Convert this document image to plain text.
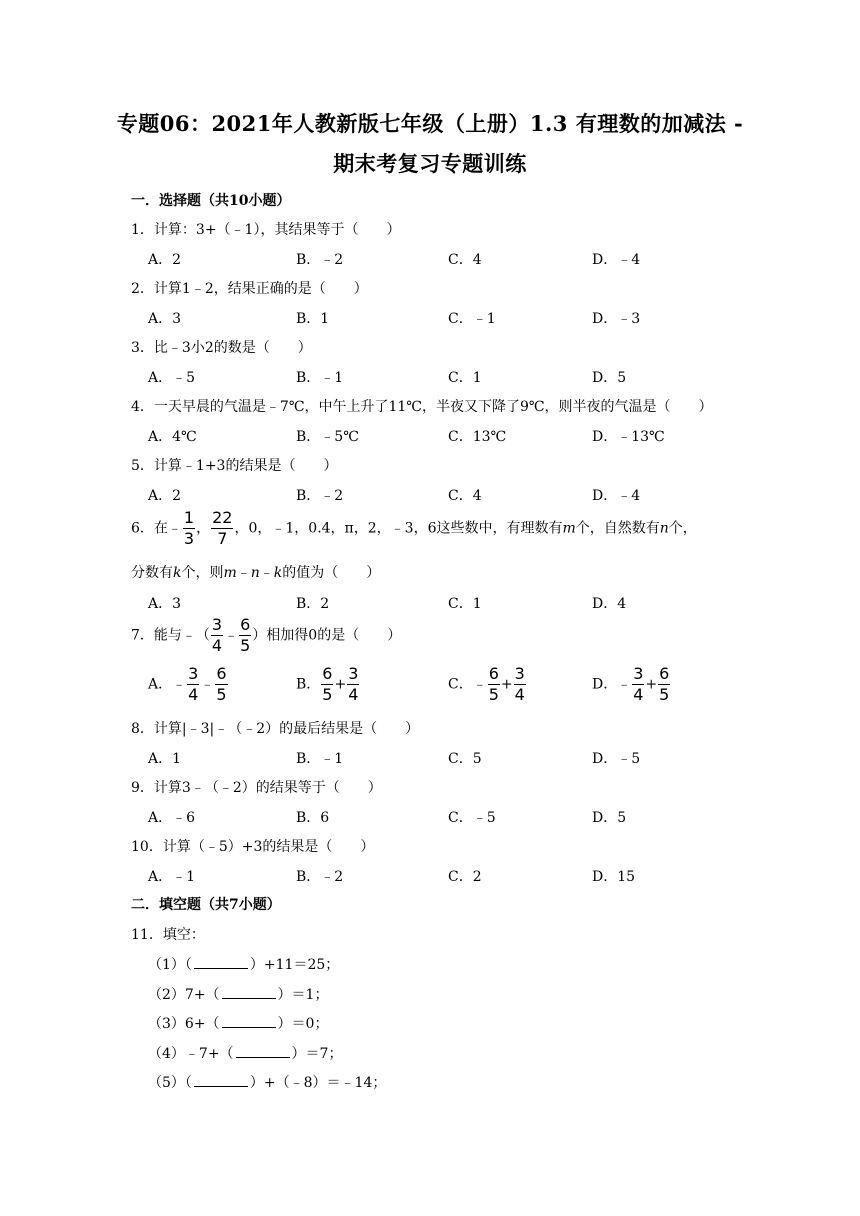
专题06：2021年人教新版七年级（上册）1.3 有理数的加减法 -
期末考复习专题训练
一．选择题（共10小题）
1．计算：3+（﹣1），其结果等于（　　）
A．2	B．﹣2	C．4	D．﹣4
2．计算1﹣2，结果正确的是（　　）
A．3	B．1	C．﹣1	D．﹣3
3．比﹣3小2的数是（　　）
A．﹣5	B．﹣1	C．1	D．5
4．一天早晨的气温是﹣7℃，中午上升了11℃，半夜又下降了9℃，则半夜的气温是（　　）
A．4℃	B．﹣5℃	C．13℃	D．﹣13℃
5．计算﹣1+3的结果是（　　）
A．2	B．﹣2	C．4	D．﹣4
6．在﹣ $\frac{1}{3}$ ， $\frac{22}{7}$ ，0，﹣1，0.4，π，2，﹣3，6这些数中，有理数有m个，自然数有n个，
分数有k个，则m﹣n﹣k的值为（　　）
A．3	B．2	C．1	D．4
7．能与﹣（ $\frac{3}{4}$ ﹣ $\frac{6}{5}$ ）相加得0的是（　　）
A．﹣ $\frac{3}{4}$ ﹣ $\frac{6}{5}$	B． $\frac{6}{5} + \frac{3}{4}$	C．﹣ $\frac{6}{5} + \frac{3}{4}$	D．﹣ $\frac{3}{4} + \frac{6}{5}$
8．计算|﹣3|﹣（﹣2）的最后结果是（　　）
A．1	B．﹣1	C．5	D．﹣5
9．计算3﹣（﹣2）的结果等于（　　）
A．﹣6	B．6	C．﹣5	D．5
10．计算（﹣5）+3的结果是（　　）
A．﹣1	B．﹣2	C．2	D．15
二．填空题（共7小题）
11．填空：
（1）（	）+11＝25；
（2）7+（	）＝1；
（3）6+（	）＝0；
（4）﹣7+（	）＝7；
（5）（	）+（﹣8）＝﹣14；
